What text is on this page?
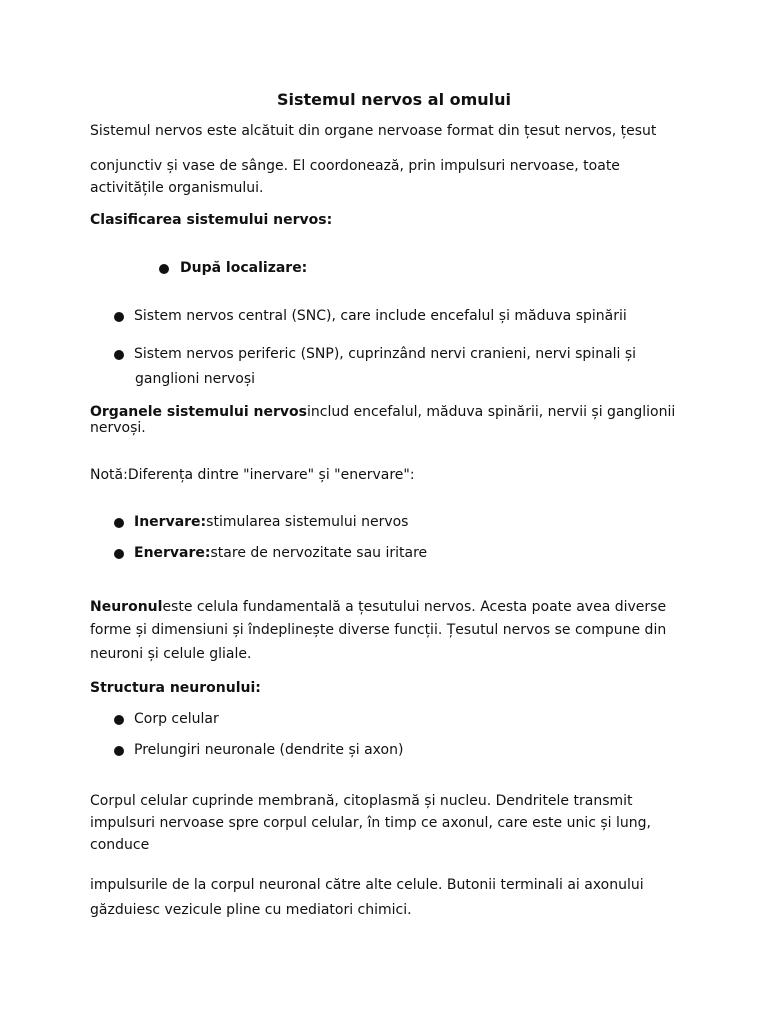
Sistemul nervos al omului
Sistemul nervos este alcătuit din organe nervoase format din țesut nervos, țesut
conjunctiv și vase de sânge. El coordonează, prin impulsuri nervoase, toate
activitățile organismului.
Clasificarea sistemului nervos:
După localizare:
Sistem nervos central (SNC), care include encefalul și măduva spinării
Sistem nervos periferic (SNP), cuprinzând nervi cranieni, nervi spinali și
ganglioni nervoși
Organele sistemului nervosinclud encefalul, măduva spinării, nervii și ganglionii
nervoși.
Notă:Diferența dintre "inervare" și "enervare":
Inervare:stimularea sistemului nervos
Enervare:stare de nervozitate sau iritare
Neuronuleste celula fundamentală a țesutului nervos. Acesta poate avea diverse
forme și dimensiuni și îndeplinește diverse funcții. Țesutul nervos se compune din
neuroni și celule gliale.
Structura neuronului:
Corp celular
Prelungiri neuronale (dendrite și axon)
Corpul celular cuprinde membrană, citoplasmă și nucleu. Dendritele transmit
impulsuri nervoase spre corpul celular, în timp ce axonul, care este unic și lung,
conduce
impulsurile de la corpul neuronal către alte celule. Butonii terminali ai axonului
găzduiesc vezicule pline cu mediatori chimici.
